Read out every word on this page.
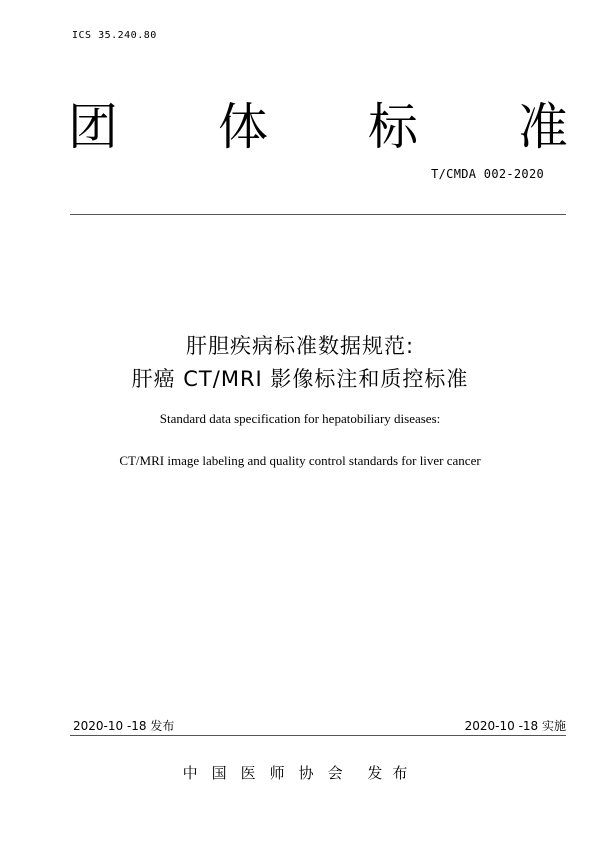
ICS 35.240.80
团 体 标 准
T/CMDA 002-2020
肝胆疾病标准数据规范:
肝癌 CT/MRI 影像标注和质控标准
Standard data specification for hepatobiliary diseases:
CT/MRI image labeling and quality control standards for liver cancer
2020-10 -18 发布	2020-10 -18 实施
中国医师协会 发布
